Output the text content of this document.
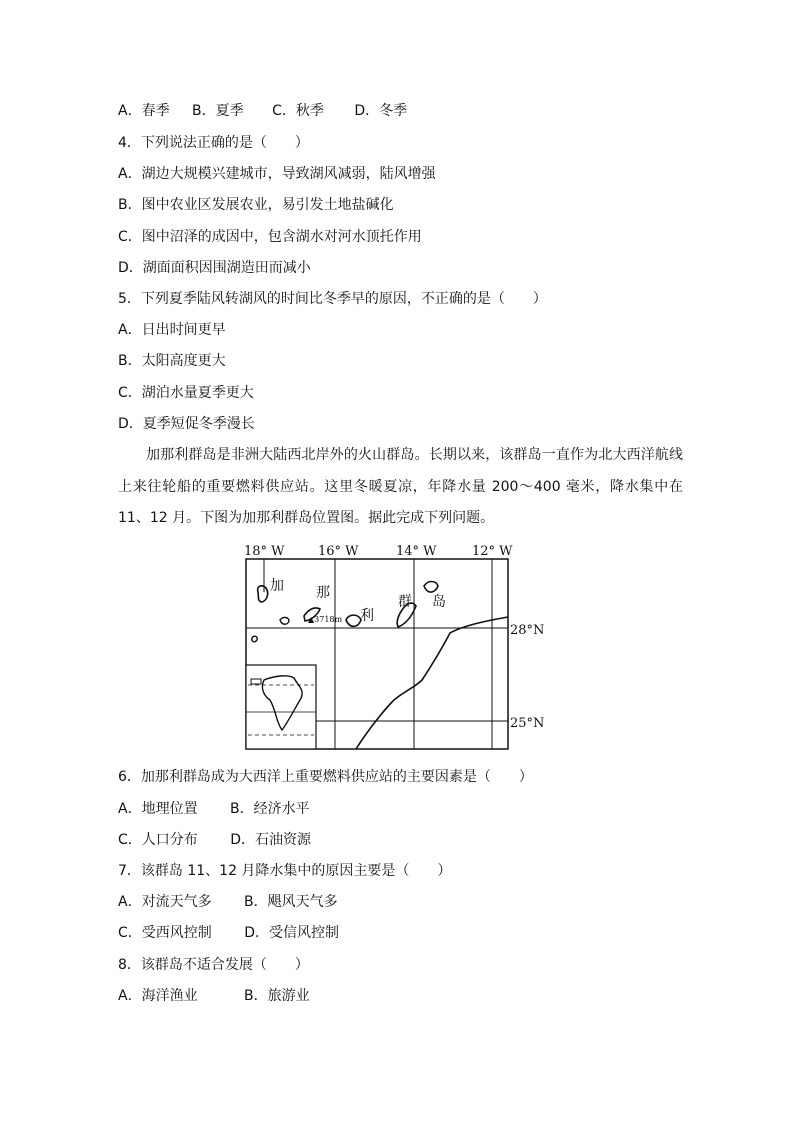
A．春季 B．夏季 C．秋季 D．冬季

4．下列说法正确的是（　　）

A．湖边大规模兴建城市，导致湖风减弱，陆风增强

B．图中农业区发展农业，易引发土地盐碱化

C．图中沼泽的成因中，包含湖水对河水顶托作用

D．湖面面积因围湖造田而减小

5．下列夏季陆风转湖风的时间比冬季早的原因，不正确的是（　　）

A．日出时间更早

B．太阳高度更大

C．湖泊水量夏季更大

D．夏季短促冬季漫长

加那利群岛是非洲大陆西北岸外的火山群岛。长期以来，该群岛一直作为北大西洋航线上来往轮船的重要燃料供应站。这里冬暖夏凉，年降水量 200～400 毫米，降水集中在 11、12 月。下图为加那利群岛位置图。据此完成下列问题。

18° W	16° W	14° W	12° W
28°N
25°N
加 那
利
群 岛
▲3718m

6．加那利群岛成为大西洋上重要燃料供应站的主要因素是（　　）

A．地理位置 B．经济水平

C．人口分布 D．石油资源

7．该群岛 11、12 月降水集中的原因主要是（　　）

A．对流天气多 B．飓风天气多

C．受西风控制 D．受信风控制

8．该群岛不适合发展（　　）

A．海洋渔业	B．旅游业
